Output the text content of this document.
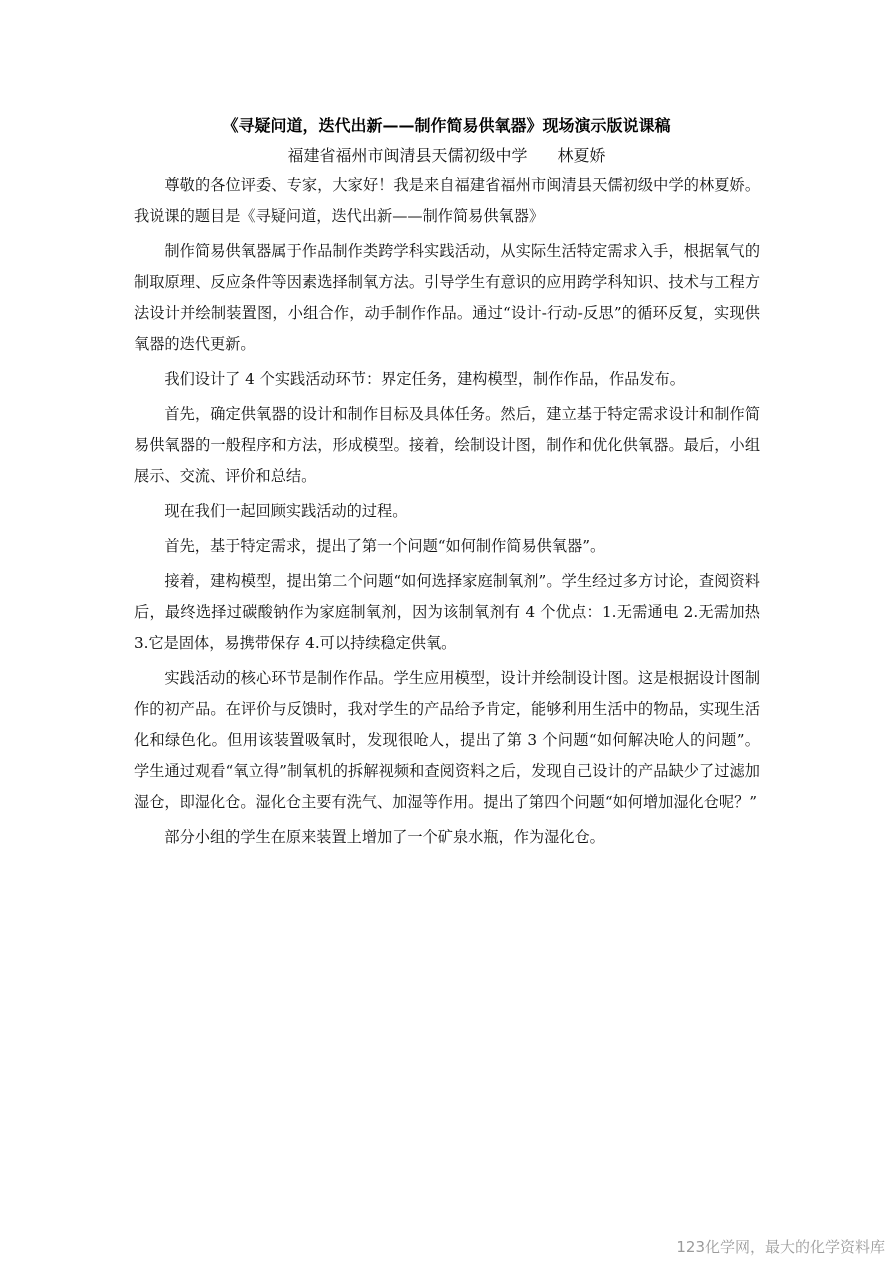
《寻疑问道，迭代出新——制作简易供氧器》现场演示版说课稿
福建省福州市闽清县天儒初级中学 林夏娇

尊敬的各位评委、专家，大家好！我是来自福建省福州市闽清县天儒初级中学的林夏娇。我说课的题目是《寻疑问道，迭代出新——制作简易供氧器》

制作简易供氧器属于作品制作类跨学科实践活动，从实际生活特定需求入手，根据氧气的制取原理、反应条件等因素选择制氧方法。引导学生有意识的应用跨学科知识、技术与工程方法设计并绘制装置图，小组合作，动手制作作品。通过“设计-行动-反思”的循环反复，实现供氧器的迭代更新。

我们设计了 4 个实践活动环节：界定任务，建构模型，制作作品，作品发布。

首先，确定供氧器的设计和制作目标及具体任务。然后，建立基于特定需求设计和制作简易供氧器的一般程序和方法，形成模型。接着，绘制设计图，制作和优化供氧器。最后，小组展示、交流、评价和总结。

现在我们一起回顾实践活动的过程。

首先，基于特定需求，提出了第一个问题“如何制作简易供氧器”。

接着，建构模型，提出第二个问题“如何选择家庭制氧剂”。学生经过多方讨论，查阅资料后，最终选择过碳酸钠作为家庭制氧剂，因为该制氧剂有 4 个优点：1.无需通电 2.无需加热 3.它是固体，易携带保存 4.可以持续稳定供氧。

实践活动的核心环节是制作作品。学生应用模型，设计并绘制设计图。这是根据设计图制作的初产品。在评价与反馈时，我对学生的产品给予肯定，能够利用生活中的物品，实现生活化和绿色化。但用该装置吸氧时，发现很呛人，提出了第 3 个问题“如何解决呛人的问题”。学生通过观看“氧立得”制氧机的拆解视频和查阅资料之后，发现自己设计的产品缺少了过滤加湿仓，即湿化仓。湿化仓主要有洗气、加湿等作用。提出了第四个问题“如何增加湿化仓呢？”

部分小组的学生在原来装置上增加了一个矿泉水瓶，作为湿化仓。

123化学网，最大的化学资料库
